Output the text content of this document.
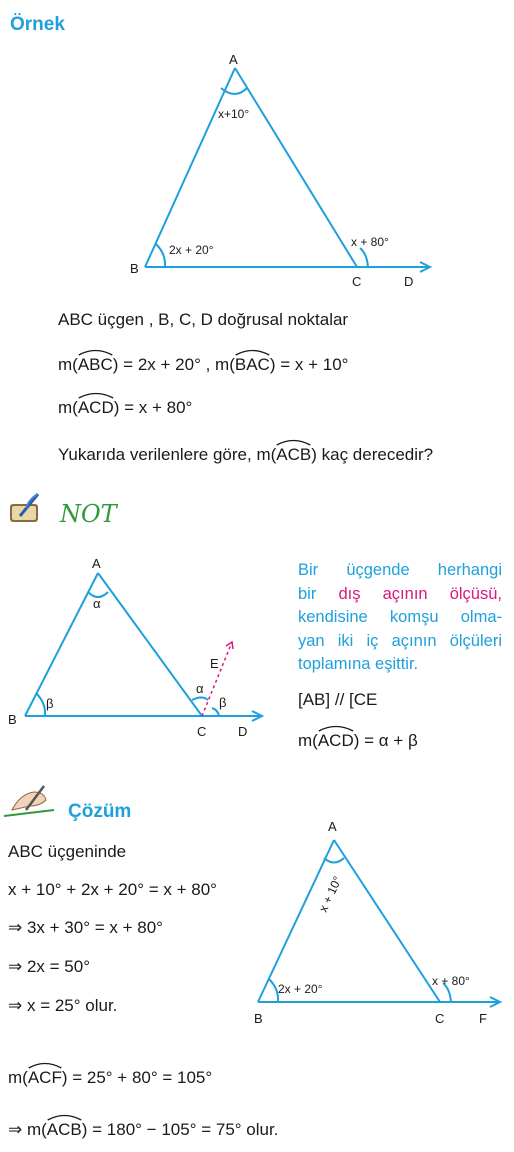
Örnek
A
B
C	D
x+10°
2x + 20°
x + 80°
ABC üçgen , B, C, D doğrusal noktalar
m(
ABC) = 2x + 20° , m(
BAC) = x + 10°
m(
ACD) = x + 80°
Yukarıda verilenlere göre, m(
ACB) kaç derecedir?
NOT
A
B
C D
E
α
β
α
β
Bir üçgende herhangi
bir dış açının ölçüsü,
kendisine komşu olma-
yan iki iç açının ölçüleri
toplamına eşittir.
[AB] // [CE
m(
ACD) = α + β
Çözüm
ABC üçgeninde
x + 10° + 2x + 20° = x + 80°
⇒ 3x + 30° = x + 80°
⇒ 2x = 50°
⇒ x = 25° olur.
A
B	C	F
x + 10°
2x + 20°
x + 80°
m(
ACF) = 25° + 80° = 105°
⇒ m(
ACB) = 180° − 105° = 75° olur.
